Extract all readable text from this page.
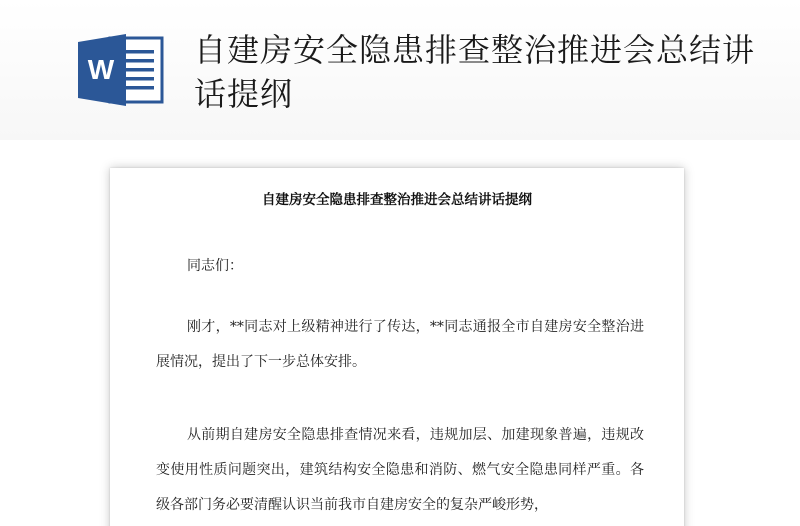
W
自建房安全隐患排查整治推进会总结讲话提纲
自建房安全隐患排查整治推进会总结讲话提纲

同志们：

刚才，**同志对上级精神进行了传达，**同志通报全市自建房安全整治进展情况，提出了下一步总体安排。

从前期自建房安全隐患排查情况来看，违规加层、加建现象普遍，违规改变使用性质问题突出，建筑结构安全隐患和消防、燃气安全隐患同样严重。各级各部门务必要清醒认识当前我市自建房安全的复杂严峻形势，
